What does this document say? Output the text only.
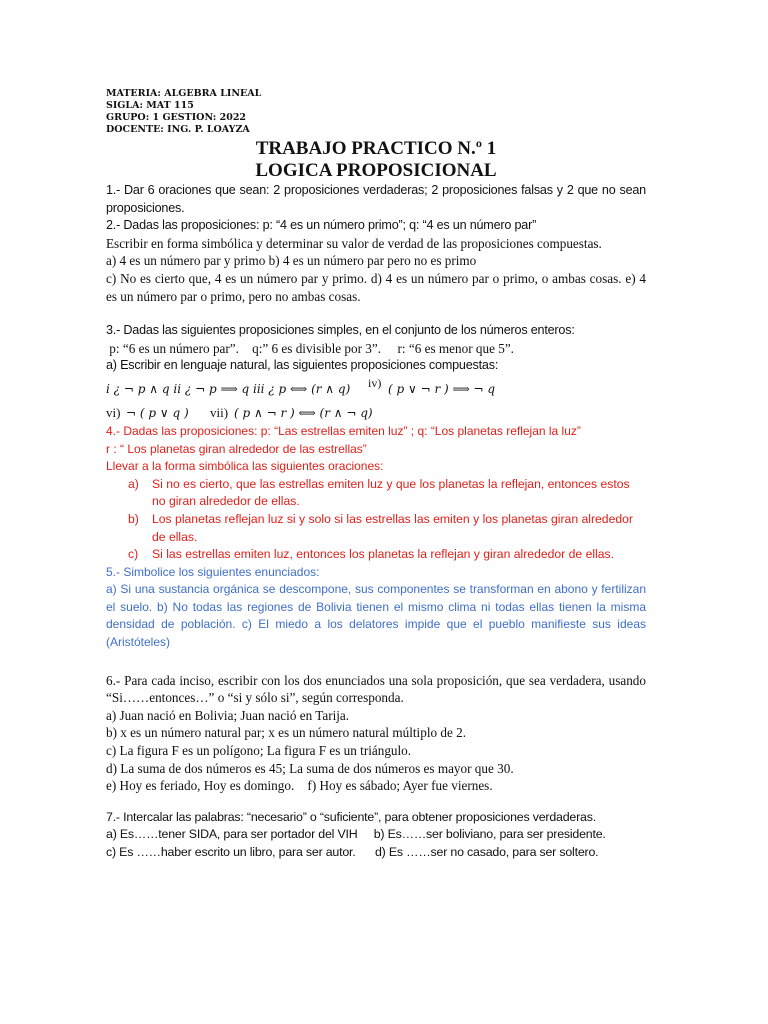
MATERIA: ALGEBRA LINEAL

SIGLA: MAT 115

GRUPO: 1 GESTION: 2022

DOCENTE: ING. P. LOAYZA

TRABAJO PRACTICO N.º 1

LOGICA PROPOSICIONAL

1.- Dar 6 oraciones que sean: 2 proposiciones verdaderas; 2 proposiciones falsas y 2 que no sean proposiciones.

2.- Dadas las proposiciones: p: “4 es un número primo”; q: “4 es un número par”

Escribir en forma simbólica y determinar su valor de verdad de las proposiciones compuestas.

a) 4 es un número par y primo b) 4 es un número par pero no es primo

c) No es cierto que, 4 es un número par y primo. d) 4 es un número par o primo, o ambas cosas. e) 4 es un número par o primo, pero no ambas cosas.

3.- Dadas las siguientes proposiciones simples, en el conjunto de los números enteros:

p: “6 es un número par”.    q:” 6 es divisible por 3”.     r: “6 es menor que 5”.

a) Escribir en lenguaje natural, las siguientes proposiciones compuestas:

i ¿ ¬ p ∧ q ii ¿ ¬ p ⟹ q iii ¿ p ⟺ (r ∧ q) iv) ( p ∨ ¬ r ) ⟹ ¬ q
vi) ¬ ( p ∨ q ) vii) ( p ∧ ¬ r ) ⟺ (r ∧ ¬ q)

4.- Dadas las proposiciones: p: “Las estrellas emiten luz” ; q: “Los planetas reflejan la luz”

r : “ Los planetas giran alrededor de las estrellas”

Llevar a la forma simbólica las siguientes oraciones:

a) Si no es cierto, que las estrellas emiten luz y que los planetas la reflejan, entonces estos no giran alrededor de ellas.
b) Los planetas reflejan luz si y solo si las estrellas las emiten y los planetas giran alrededor de ellas.
c) Si las estrellas emiten luz, entonces los planetas la reflejan y giran alrededor de ellas.

5.- Simbolice los siguientes enunciados:

a) Si una sustancia orgánica se descompone, sus componentes se transforman en abono y fertilizan el suelo. b) No todas las regiones de Bolivia tienen el mismo clima ni todas ellas tienen la misma densidad de población. c) El miedo a los delatores impide que el pueblo manifieste sus ideas (Aristóteles)

6.- Para cada inciso, escribir con los dos enunciados una sola proposición, que sea verdadera, usando “Si……entonces…” o “si y sólo si”, según corresponda.

a) Juan nació en Bolivia; Juan nació en Tarija.

b) x es un número natural par; x es un número natural múltiplo de 2.

c) La figura F es un polígono; La figura F es un triángulo.

d) La suma de dos números es 45; La suma de dos números es mayor que 30.

e) Hoy es feriado, Hoy es domingo.    f) Hoy es sábado; Ayer fue viernes.

7.- Intercalar las palabras: “necesario” o “suficiente”, para obtener proposiciones verdaderas.

a) Es……tener SIDA, para ser portador del VIH     b) Es……ser boliviano, para ser presidente.

c) Es ……haber escrito un libro, para ser autor.      d) Es ……ser no casado, para ser soltero.
